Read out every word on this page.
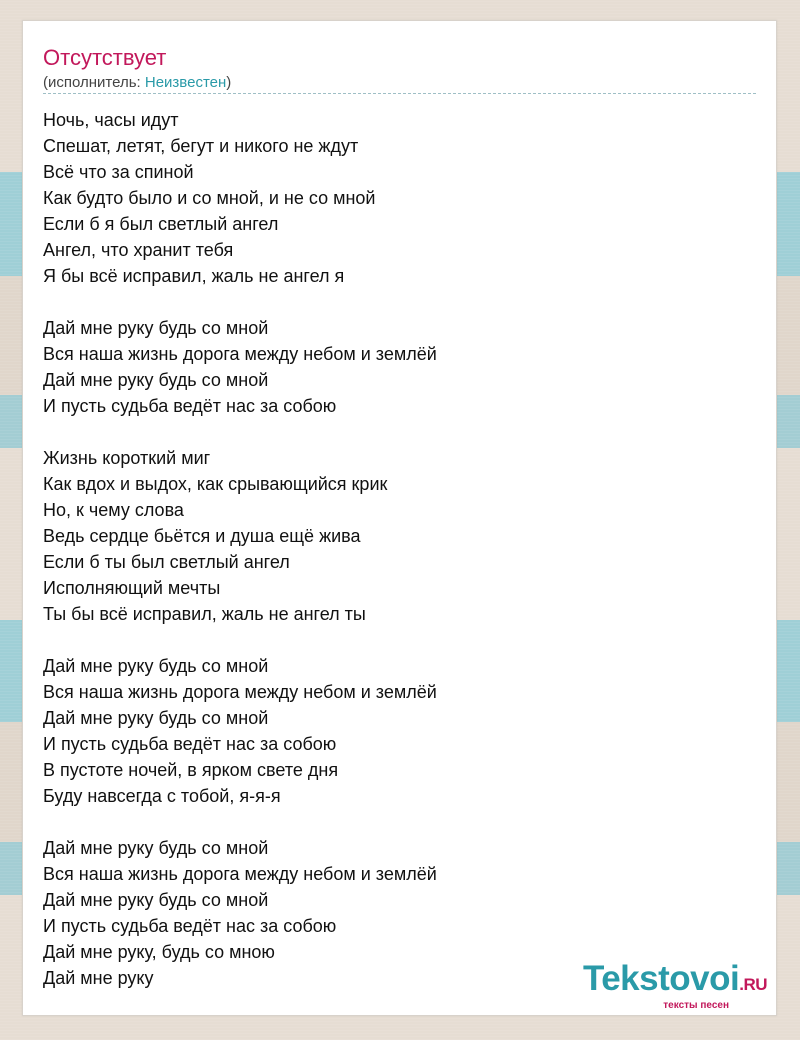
Отсутствует
(исполнитель: Неизвестен)
Ночь, часы идут
Спешат, летят, бегут и никого не ждут
Всё что за спиной
Как будто было и со мной, и не со мной
Если б я был светлый ангел
Ангел, что хранит тебя
Я бы всё исправил, жаль не ангел я
Дай мне руку будь со мной
Вся наша жизнь дорога между небом и землёй
Дай мне руку будь со мной
И пусть судьба ведёт нас за собою
Жизнь короткий миг
Как вдох и выдох, как срывающийся крик
Но, к чему слова
Ведь сердце бьётся и душа ещё жива
Если б ты был светлый ангел
Исполняющий мечты
Ты бы всё исправил, жаль не ангел ты
Дай мне руку будь со мной
Вся наша жизнь дорога между небом и землёй
Дай мне руку будь со мной
И пусть судьба ведёт нас за собою
В пустоте ночей, в ярком свете дня
Буду навсегда с тобой, я-я-я
Дай мне руку будь со мной
Вся наша жизнь дорога между небом и землёй
Дай мне руку будь со мной
И пусть судьба ведёт нас за собою
Дай мне руку, будь со мною
Дай мне руку	Tekstovoi.RU
тексты песен
